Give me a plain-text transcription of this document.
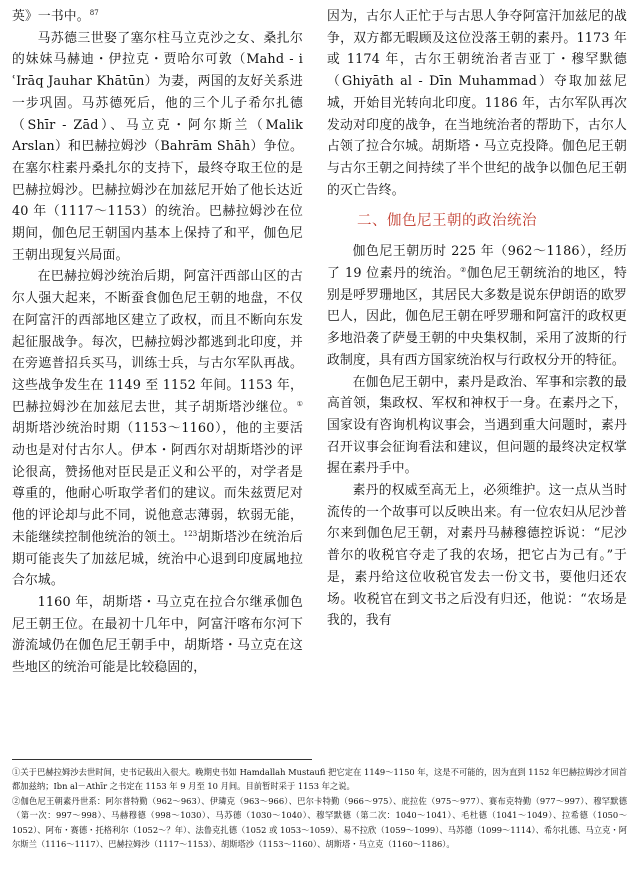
英》一书中。$^{87}$

马苏德三世娶了塞尔柱马立克沙之女、桑扎尔的妹妹马赫迪・伊拉克・贾哈尔可敦（Mahd - i ʿIrāq Jauhar Khātūn）为妻，两国的友好关系进一步巩固。马苏德死后，他的三个儿子希尔扎德（Shīr - Zād）、马立克・阿尔斯兰（Malik Arslan）和巴赫拉姆沙（Bahrām Shāh）争位。在塞尔柱素丹桑扎尔的支持下，最终夺取王位的是巴赫拉姆沙。巴赫拉姆沙在加兹尼开始了他长达近 40 年（1117～1153）的统治。巴赫拉姆沙在位期间，伽色尼王朝国内基本上保持了和平，伽色尼王朝出现复兴局面。

在巴赫拉姆沙统治后期，阿富汗西部山区的古尔人强大起来，不断蚕食伽色尼王朝的地盘，不仅在阿富汗的西部地区建立了政权，而且不断向东发起征服战争。每次，巴赫拉姆沙都逃到北印度，并在旁遮普招兵买马，训练士兵，与古尔军队再战。这些战争发生在 1149 至 1152 年间。1153 年，巴赫拉姆沙在加兹尼去世，其子胡斯塔沙继位。①胡斯塔沙统治时期（1153～1160），他的主要活动也是对付古尔人。伊本・阿西尔对胡斯塔沙的评论很高，赞扬他对臣民是正义和公平的，对学者是尊重的，他耐心听取学者们的建议。而朱兹贾尼对他的评论却与此不同，说他意志薄弱，软弱无能，未能继续控制他统治的领土。$^{123}$胡斯塔沙在统治后期可能丧失了加兹尼城，统治中心退到印度属地拉合尔城。

1160 年，胡斯塔・马立克在拉合尔继承伽色尼王朝王位。在最初十几年中，阿富汗喀布尔河下游流域仍在伽色尼王朝手中，胡斯塔・马立克在这些地区的统治可能是比较稳固的，

因为，古尔人正忙于与古思人争夺阿富汗加兹尼的战争，双方都无暇顾及这位没落王朝的素丹。1173 年或 1174 年，古尔王朝统治者吉亚丁・穆罕默德（Ghiyāth al - Dīn Muhammad）夺取加兹尼城，开始目光转向北印度。1186 年，古尔军队再次发动对印度的战争，在当地统治者的帮助下，古尔人占领了拉合尔城。胡斯塔・马立克投降。伽色尼王朝与古尔王朝之间持续了半个世纪的战争以伽色尼王朝的灭亡告终。

二、伽色尼王朝的政治统治

伽色尼王朝历时 225 年（962～1186），经历了 19 位素丹的统治。②伽色尼王朝统治的地区，特别是呼罗珊地区，其居民大多数是说东伊朗语的欧罗巴人，因此，伽色尼王朝在呼罗珊和阿富汗的政权更多地沿袭了萨曼王朝的中央集权制，采用了波斯的行政制度，具有西方国家统治权与行政权分开的特征。

在伽色尼王朝中，素丹是政治、军事和宗教的最高首领，集政权、军权和神权于一身。在素丹之下，国家设有咨询机构议事会，当遇到重大问题时，素丹召开议事会征询看法和建议，但问题的最终决定权掌握在素丹手中。

素丹的权威至高无上，必须维护。这一点从当时流传的一个故事可以反映出来。有一位农妇从尼沙普尔来到伽色尼王朝，对素丹马赫穆德控诉说：“尼沙普尔的收税官夺走了我的农场，把它占为己有。”于是，素丹给这位收税官发去一份文书，要他归还农场。收税官在到文书之后没有归还，他说：“农场是我的，我有

①关于巴赫拉姆沙去世时间，史书记载出入很大。晚期史书如 Hamdallah Mustaufi 把它定在 1149～1150 年，这是不可能的，因为直到 1152 年巴赫拉姆沙才回首都加兹纳；Ibn al－Athīr 之书定在 1153 年 9 月至 10 月间。目前暂时采于 1153 年之说。

②伽色尼王朝素丹世系：阿尔普特勤（962～963）、伊璘克（963～966）、巴尔卡特勤（966～975）、庇拉佐（975～977）、赛布克特勤（977～997）、穆罕默德（第一次：997～998）、马赫穆德（998～1030）、马苏德（1030～1040）、穆罕默德（第二次：1040～1041）、毛杜德（1041～1049）、拉希德（1050～1052）、阿布・赛德・托格利尔（1052～？年）、法鲁克扎德（1052 或 1053～1059）、易不拉欣（1059～1099）、马苏德（1099～1114）、希尔扎德、马立克・阿尔斯兰（1116～1117）、巴赫拉姆沙（1117～1153）、胡斯塔沙（1153～1160）、胡斯塔・马立克（1160～1186）。
